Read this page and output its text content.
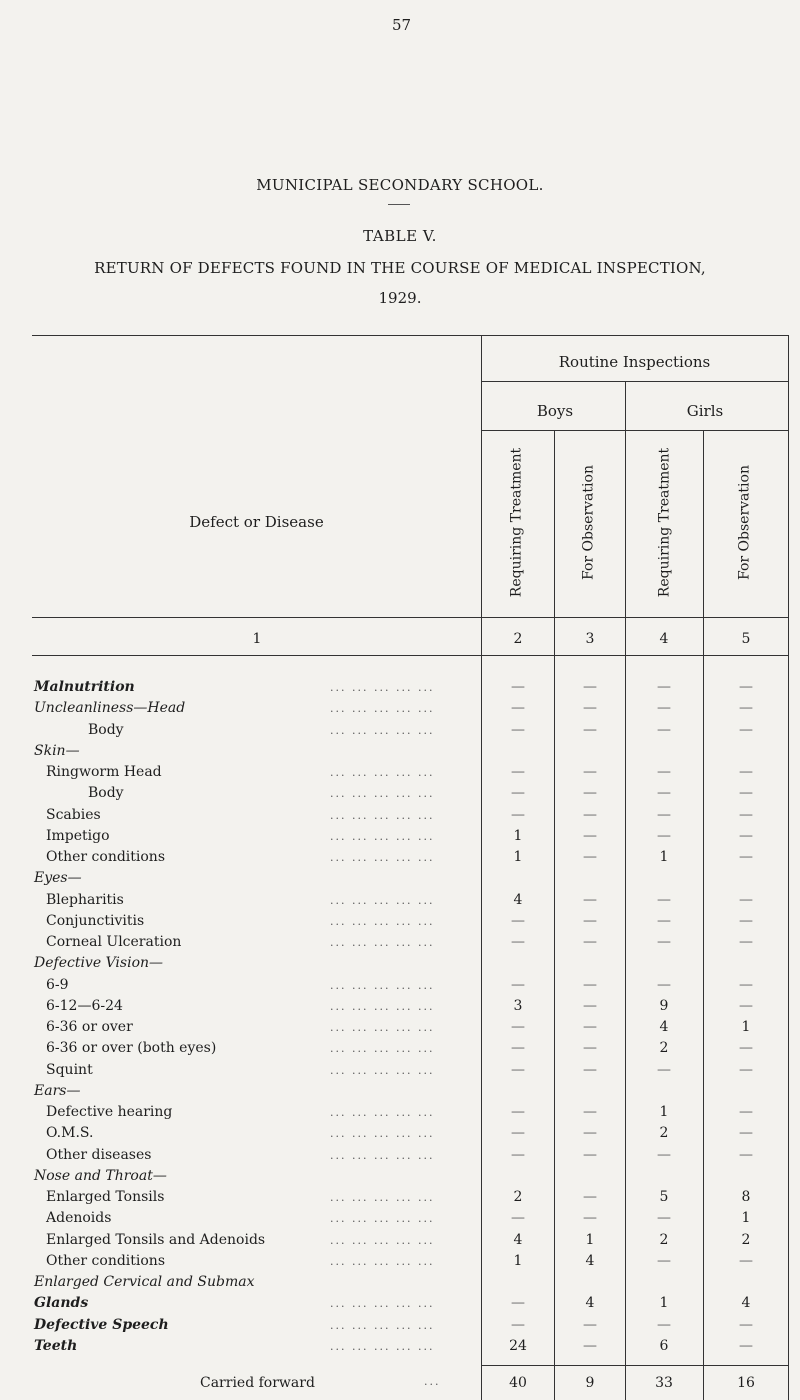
57
MUNICIPAL SECONDARY SCHOOL.
TABLE V.
RETURN OF DEFECTS FOUND IN THE COURSE OF MEDICAL INSPECTION,
1929.
Routine Inspections
Boys	Girls
Defect or Disease	Requiring Treatment	For Observation	Requiring Treatment	For Observation
1	2	3	4	5
Malnutrition	... ... ... ... ...	—	—	—	—
Uncleanliness—Head	... ... ... ... ...	—	—	—	—
Body	... ... ... ... ...	—	—	—	—
Skin—
Ringworm Head	... ... ... ... ...	—	—	—	—
Body	... ... ... ... ...	—	—	—	—
Scabies	... ... ... ... ...	—	—	—	—
Impetigo	... ... ... ... ...	1	—	—	—
Other conditions	... ... ... ... ...	1	—	1	—
Eyes—
Blepharitis	... ... ... ... ...	4	—	—	—
Conjunctivitis	... ... ... ... ...	—	—	—	—
Corneal Ulceration	... ... ... ... ...	—	—	—	—
Defective Vision—
6-9	... ... ... ... ...	—	—	—	—
6-12—6-24	... ... ... ... ...	3	—	9	—
6-36 or over	... ... ... ... ...	—	—	4	1
6-36 or over (both eyes)	... ... ... ... ...	—	—	2	—
Squint	... ... ... ... ...	—	—	—	—
Ears—
Defective hearing	... ... ... ... ...	—	—	1	—
O.M.S.	... ... ... ... ...	—	—	2	—
Other diseases	... ... ... ... ...	—	—	—	—
Nose and Throat—
Enlarged Tonsils	... ... ... ... ...	2	—	5	8
Adenoids	... ... ... ... ...	—	—	—	1
Enlarged Tonsils and Adenoids	... ... ... ... ...	4	1	2	2
Other conditions	... ... ... ... ...	1	4	—	—
Enlarged Cervical and Submax
Glands	... ... ... ... ...	—	4	1	4
Defective Speech	... ... ... ... ...	—	—	—	—
Teeth	... ... ... ... ...	24	—	6	—
Carried forward	...	40	9	33	16
